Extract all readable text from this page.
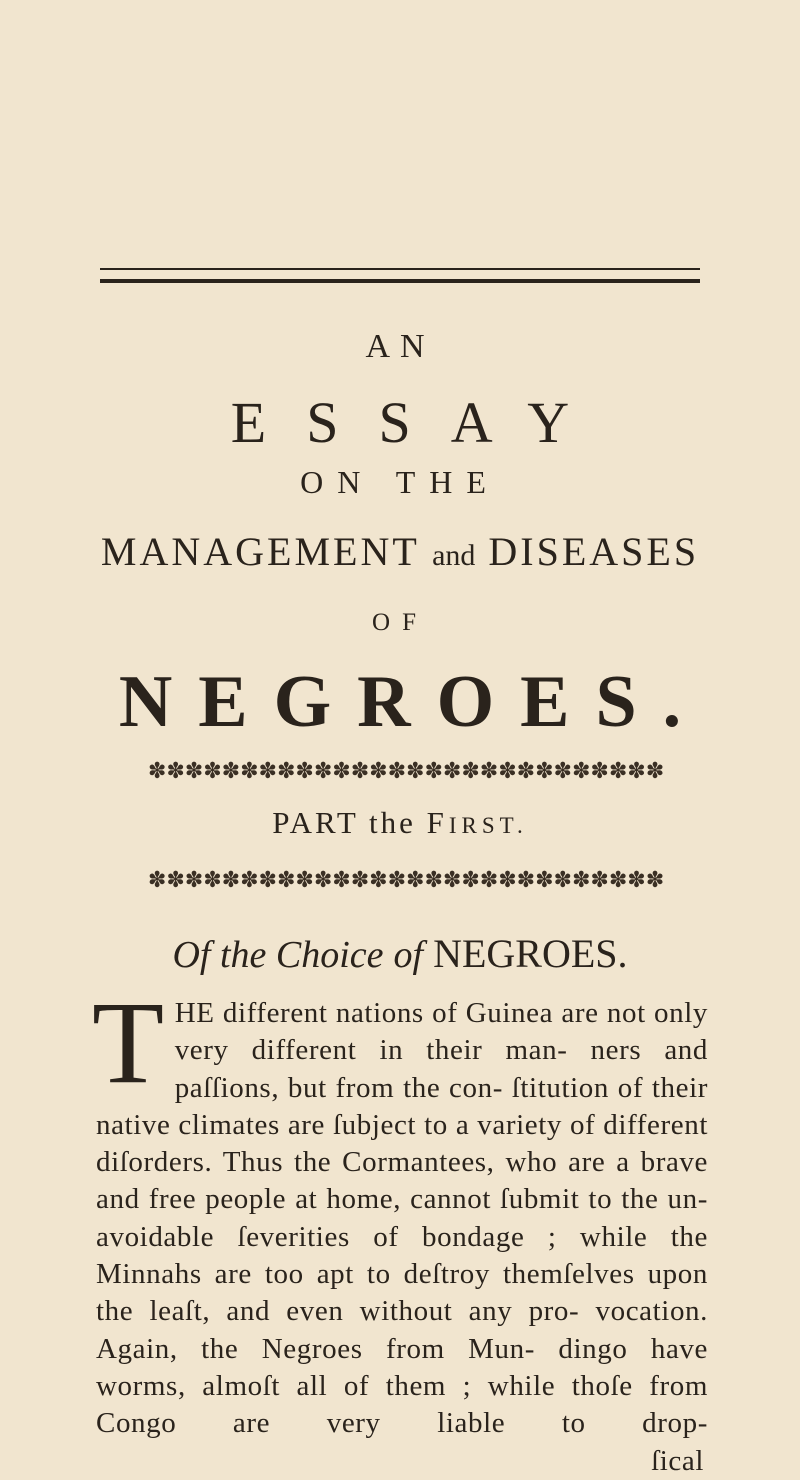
AN
ESSAY
ON THE
MANAGEMENT and DISEASES
OF
NEGROES.
✽ ✽ ✽ ✽ ✽ ✽ ✽ ✽ ✽ ✽ ✽ ✽ ✽ ✽ ✽ ✽ ✽ ✽ ✽ ✽ ✽ ✽ ✽ ✽ ✽ ✽ ✽ ✽
PART the FIRST.
✽ ✽ ✽ ✽ ✽ ✽ ✽ ✽ ✽ ✽ ✽ ✽ ✽ ✽ ✽ ✽ ✽ ✽ ✽ ✽ ✽ ✽ ✽ ✽ ✽ ✽ ✽ ✽
Of the Choice of NEGROES.

THE different nations of Guinea are not only very different in their man- ners and paſſions, but from the con- ſtitution of their native climates are ſubject to a variety of different diſorders. Thus the Cormantees, who are a brave and free people at home, cannot ſubmit to the un- avoidable ſeverities of bondage ; while the Minnahs are too apt to deſtroy themſelves upon the leaſt, and even without any pro- vocation. Again, the Negroes from Mun- dingo have worms, almoſt all of them ; while thoſe from Congo are very liable to drop-

ſical
